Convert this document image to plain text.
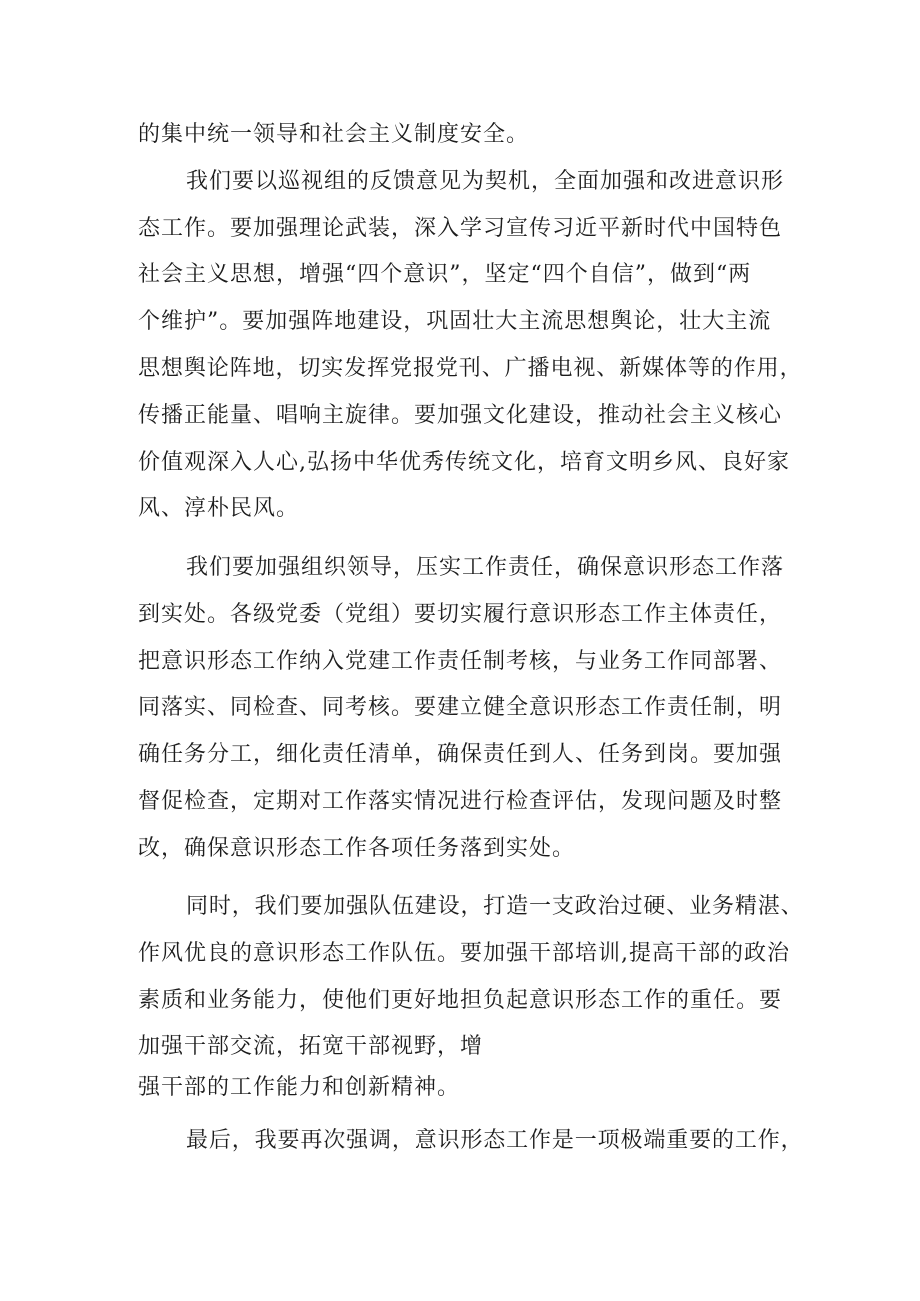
的集中统一领导和社会主义制度安全。
我们要以巡视组的反馈意见为契机，全面加强和改进意识形
态工作。要加强理论武装，深入学习宣传习近平新时代中国特色
社会主义思想，增强“四个意识”，坚定“四个自信”，做到“两
个维护”。要加强阵地建设，巩固壮大主流思想舆论，壮大主流
思想舆论阵地，切实发挥党报党刊、广播电视、新媒体等的作用，
传播正能量、唱响主旋律。要加强文化建设，推动社会主义核心
价值观深入人心,弘扬中华优秀传统文化，培育文明乡风、良好家
风、淳朴民风。
我们要加强组织领导，压实工作责任，确保意识形态工作落
到实处。各级党委（党组）要切实履行意识形态工作主体责任，
把意识形态工作纳入党建工作责任制考核，与业务工作同部署、
同落实、同检查、同考核。要建立健全意识形态工作责任制，明
确任务分工，细化责任清单，确保责任到人、任务到岗。要加强
督促检查，定期对工作落实情况进行检查评估，发现问题及时整
改，确保意识形态工作各项任务落到实处。
同时，我们要加强队伍建设，打造一支政治过硬、业务精湛、
作风优良的意识形态工作队伍。要加强干部培训,提高干部的政治
素质和业务能力，使他们更好地担负起意识形态工作的重任。要
加强干部交流，拓宽干部视野，增
强干部的工作能力和创新精神。
最后，我要再次强调，意识形态工作是一项极端重要的工作，
